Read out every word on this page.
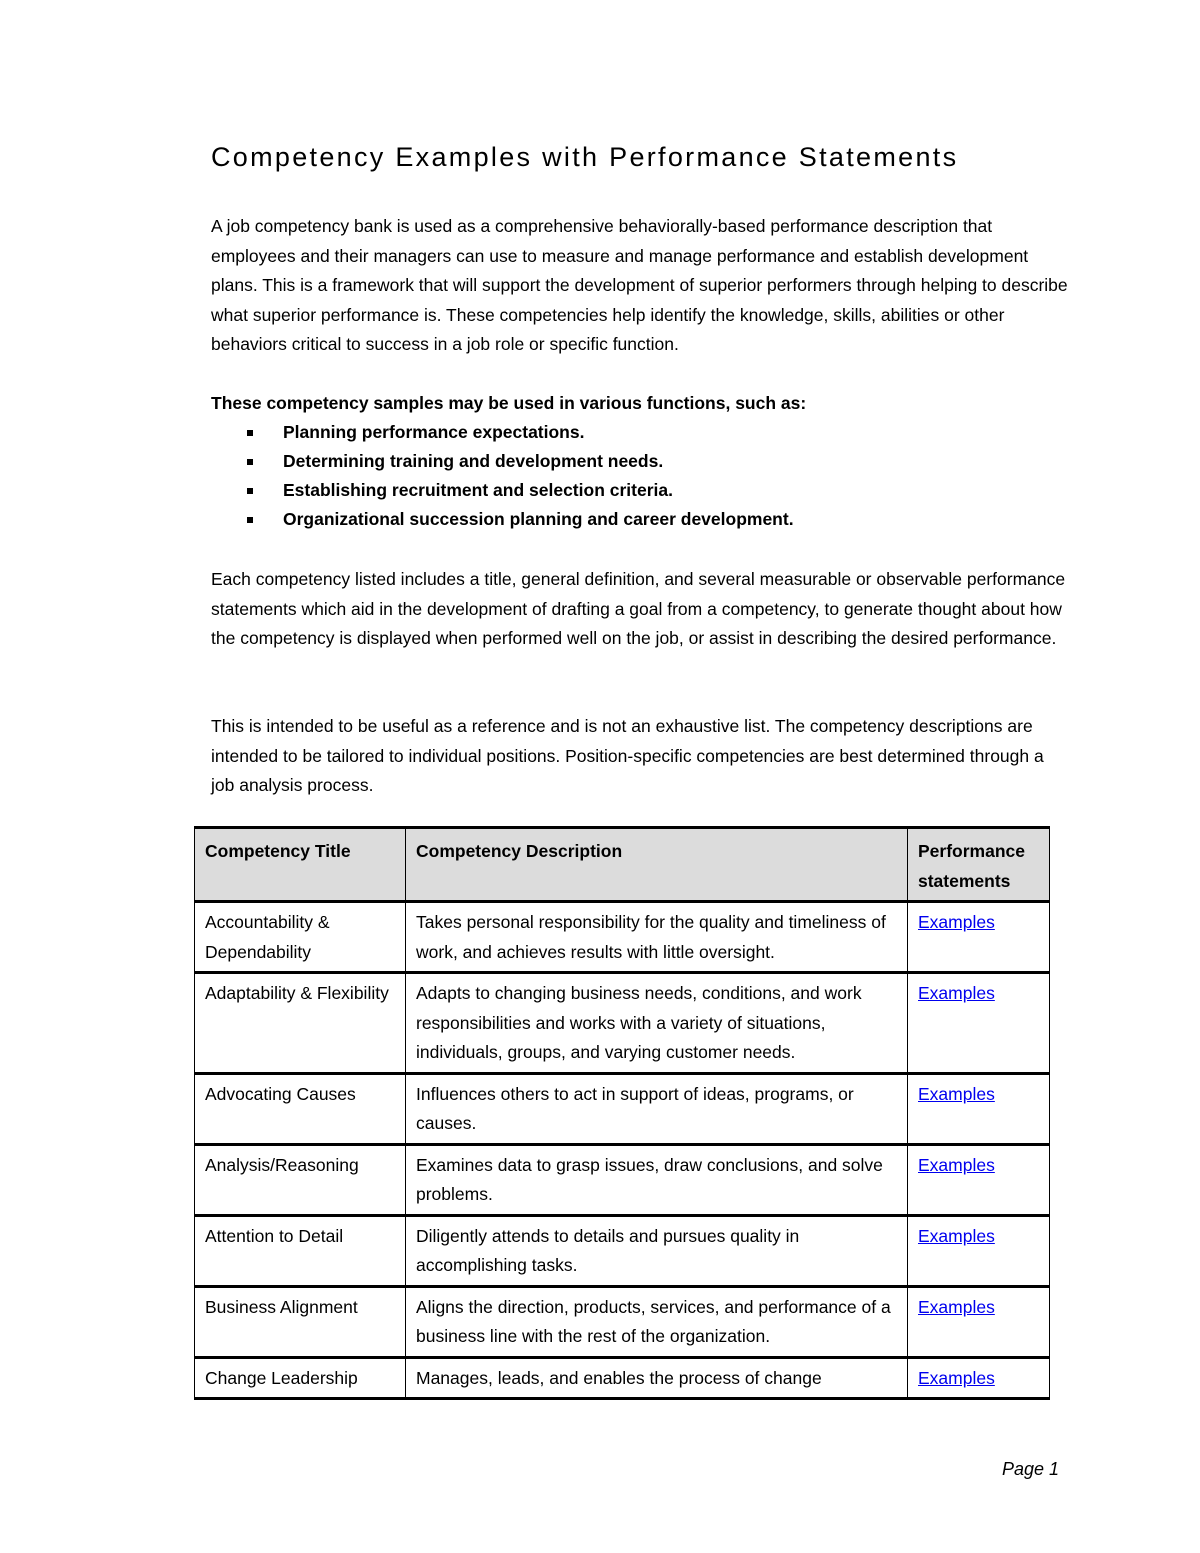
Competency Examples with Performance Statements

A job competency bank is used as a comprehensive behaviorally-based performance description that employees and their managers can use to measure and manage performance and establish development plans. This is a framework that will support the development of superior performers through helping to describe what superior performance is. These competencies help identify the knowledge, skills, abilities or other behaviors critical to success in a job role or specific function.

These competency samples may be used in various functions, such as:

Planning performance expectations.
Determining training and development needs.
Establishing recruitment and selection criteria.
Organizational succession planning and career development.

Each competency listed includes a title, general definition, and several measurable or observable performance statements which aid in the development of drafting a goal from a competency, to generate thought about how the competency is displayed when performed well on the job, or assist in describing the desired performance.

This is intended to be useful as a reference and is not an exhaustive list. The competency descriptions are intended to be tailored to individual positions. Position-specific competencies are best determined through a job analysis process.

Competency Title	Competency Description	Performance statements
Accountability & Dependability	Takes personal responsibility for the quality and timeliness of work, and achieves results with little oversight.	Examples
Adaptability & Flexibility	Adapts to changing business needs, conditions, and work responsibilities and works with a variety of situations, individuals, groups, and varying customer needs.	Examples
Advocating Causes	Influences others to act in support of ideas, programs, or causes.	Examples
Analysis/Reasoning	Examines data to grasp issues, draw conclusions, and solve problems.	Examples
Attention to Detail	Diligently attends to details and pursues quality in accomplishing tasks.	Examples
Business Alignment	Aligns the direction, products, services, and performance of a business line with the rest of the organization.	Examples
Change Leadership	Manages, leads, and enables the process of change	Examples
Page 1
